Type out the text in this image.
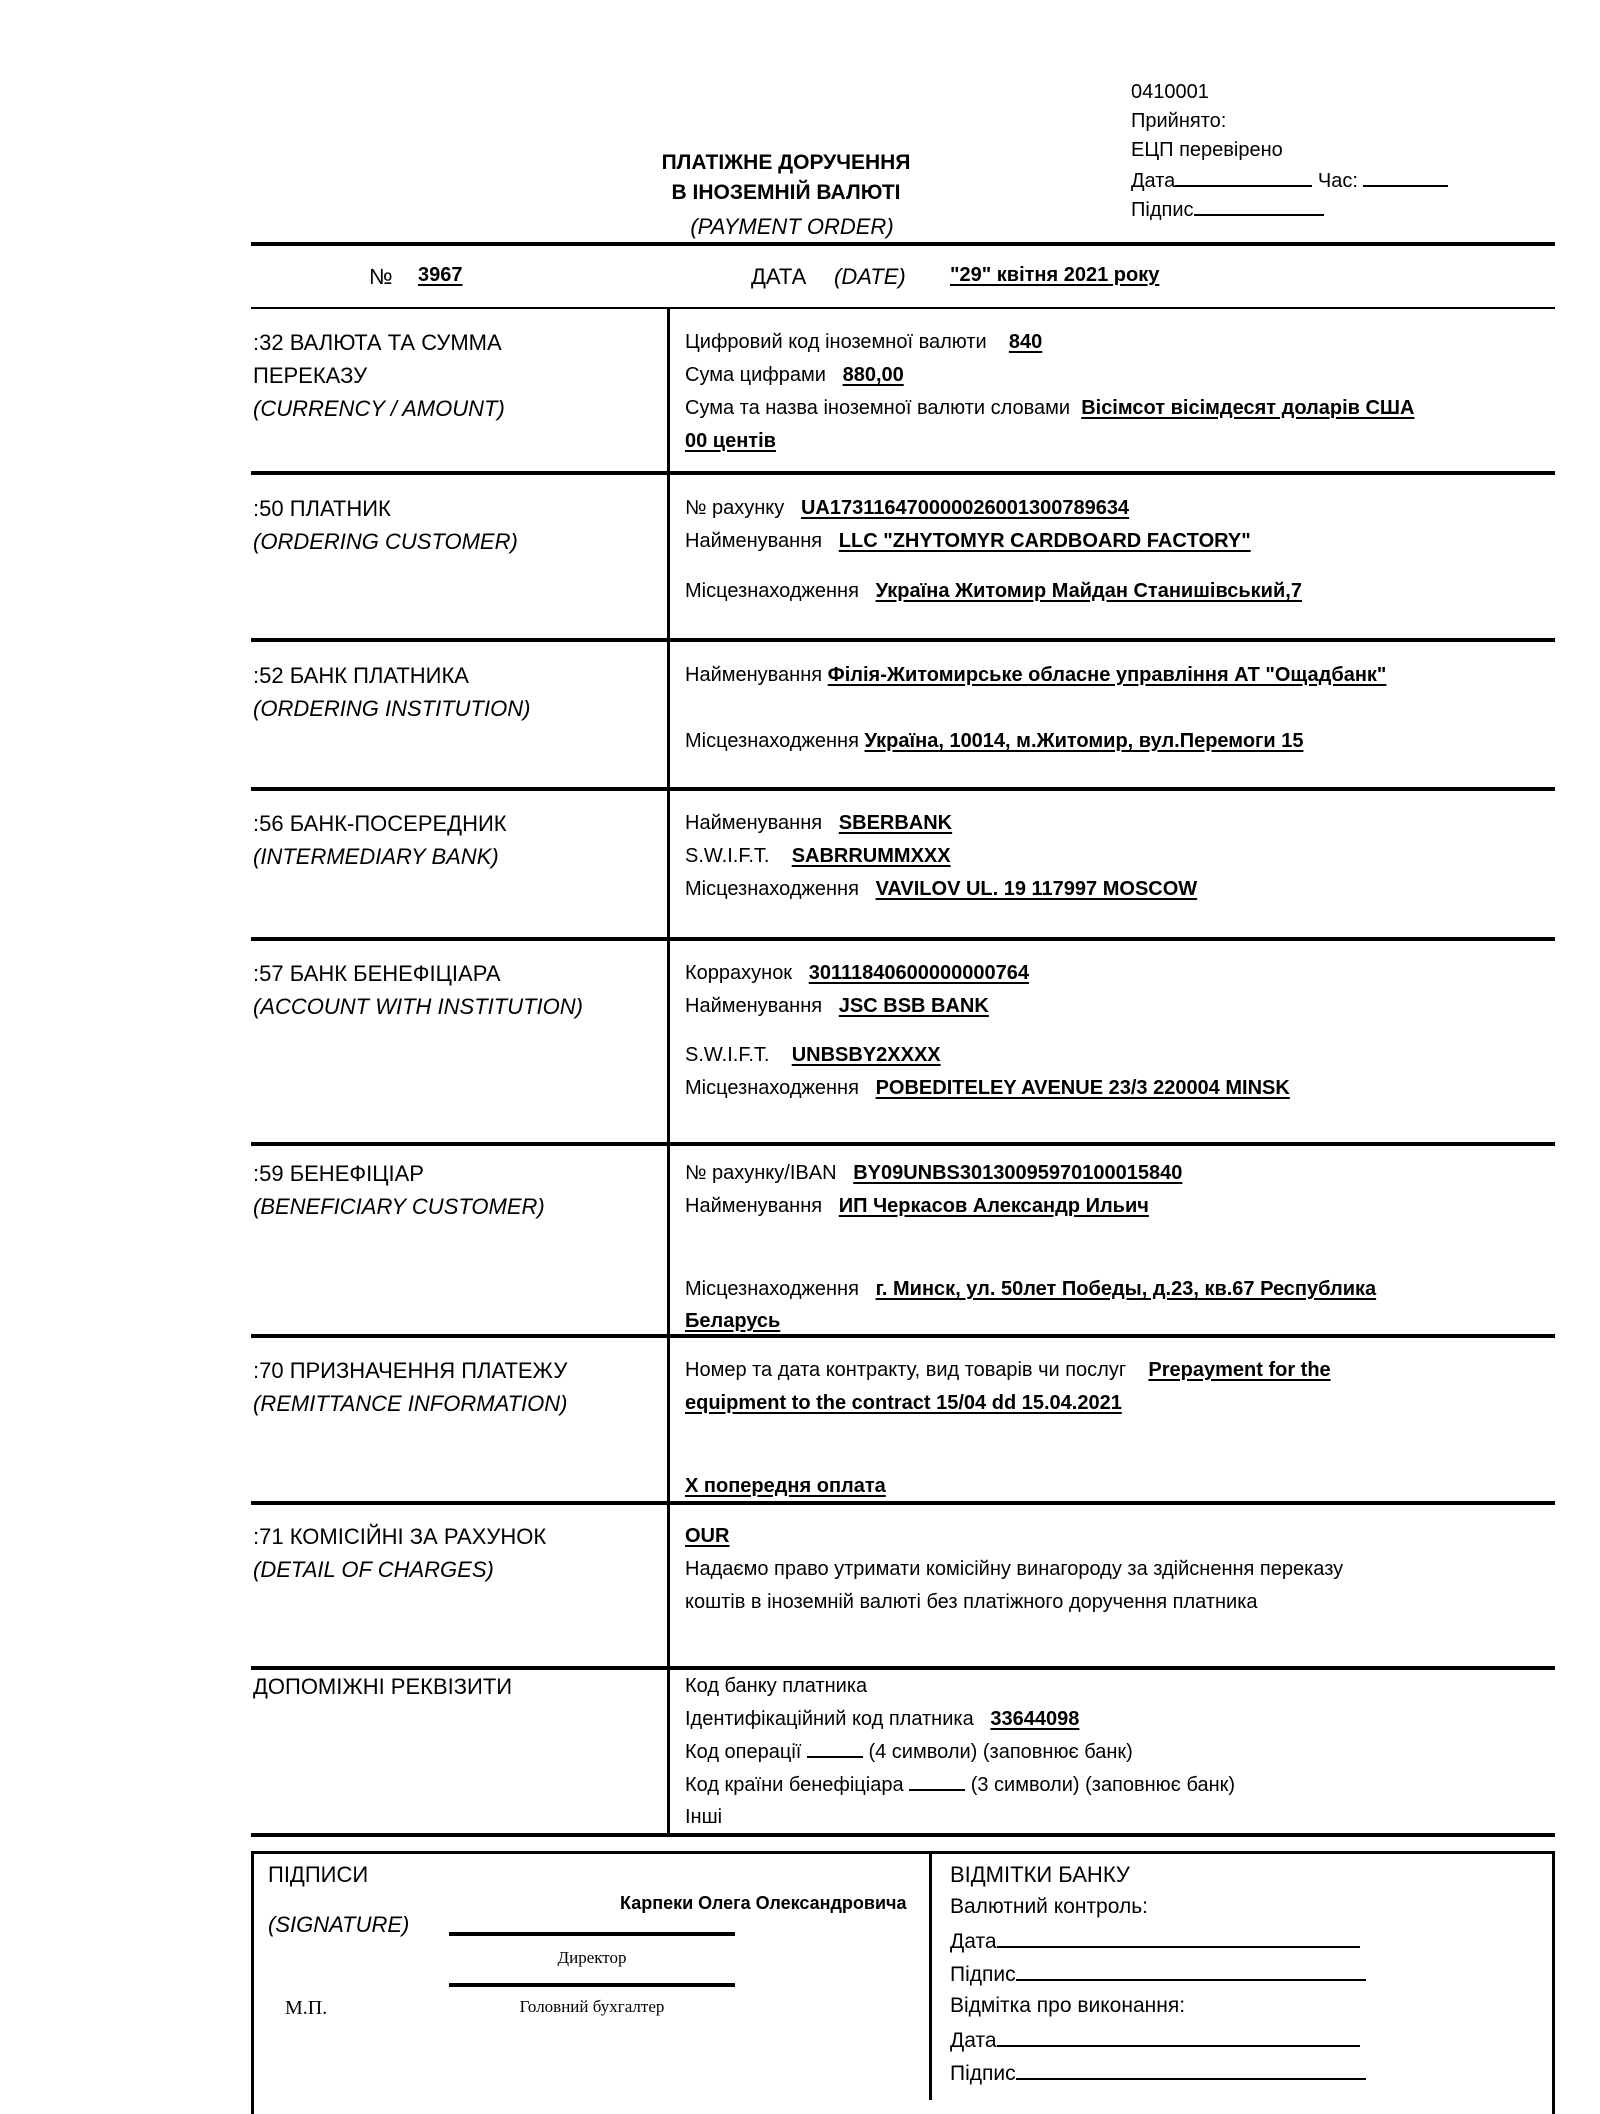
0410001
Прийнято:
ЕЦП перевірено
Дата	Час:
Підпис
ПЛАТІЖНЕ ДОРУЧЕННЯ
В ІНОЗЕМНІЙ ВАЛЮТІ
(PAYMENT ORDER)
№ 3967	ДАТА (DATE) "29" квітня 2021 року
:32 ВАЛЮТА ТА СУММА
ПЕРЕКАЗУ
(CURRENCY / AMOUNT)
Цифровий код іноземної валюти 840
Сума цифрами 880,00
Сума та назва іноземної валюти словами Вісімсот вісімдесят доларів США
00 центів
:50 ПЛАТНИК
(ORDERING CUSTOMER)
№ рахунку UA173116470000026001300789634
Найменування LLC "ZHYTOMYR CARDBOARD FACTORY"
Місцезнаходження Україна Житомир Майдан Станишівський,7
:52 БАНК ПЛАТНИКА
(ORDERING INSTITUTION)
Найменування Філія-Житомирське обласне управління АТ "Ощадбанк"
Місцезнаходження Україна, 10014, м.Житомир, вул.Перемоги 15
:56 БАНК-ПОСЕРЕДНИК
(INTERMEDIARY BANK)
Найменування SBERBANK
S.W.I.F.T. SABRRUMMXXX
Місцезнаходження VAVILOV UL. 19 117997 MOSCOW
:57 БАНК БЕНЕФІЦІАРА
(ACCOUNT WITH INSTITUTION)
Коррахунок 30111840600000000764
Найменування JSC BSB BANK
S.W.I.F.T. UNBSBY2XXXX
Місцезнаходження POBEDITELEY AVENUE 23/3 220004 MINSK
:59 БЕНЕФІЦІАР
(BENEFICIARY CUSTOMER)
№ рахунку/IBAN BY09UNBS30130095970100015840
Найменування ИП Черкасов Александр Ильич
Місцезнаходження г. Минск, ул. 50лет Победы, д.23, кв.67 Республика
Беларусь
:70 ПРИЗНАЧЕННЯ ПЛАТЕЖУ
(REMITTANCE INFORMATION)
Номер та дата контракту, вид товарів чи послуг Prepayment for the
equipment to the contract 15/04 dd 15.04.2021
Х попередня оплата
:71 КОМІСІЙНІ ЗА РАХУНОК
(DETAIL OF CHARGES)
OUR
Надаємо право утримати комісійну винагороду за здійснення переказу
коштів в іноземній валюті без платіжного доручення платника
ДОПОМІЖНІ РЕКВІЗИТИ	Код банку платника
Ідентифікаційний код платника 33644098
Код операції	(4 символи) (заповнює банк)
Код країни бенефіціара	(3 символи) (заповнює банк)
Інші
ПІДПИСИ
(SIGNATURE)
Карпеки Олега Олександровича
Директор
М.П.	Головний бухгалтер
ВІДМІТКИ БАНКУ
Валютний контроль:
Дата
Підпис
Відмітка про виконання:
Дата
Підпис
